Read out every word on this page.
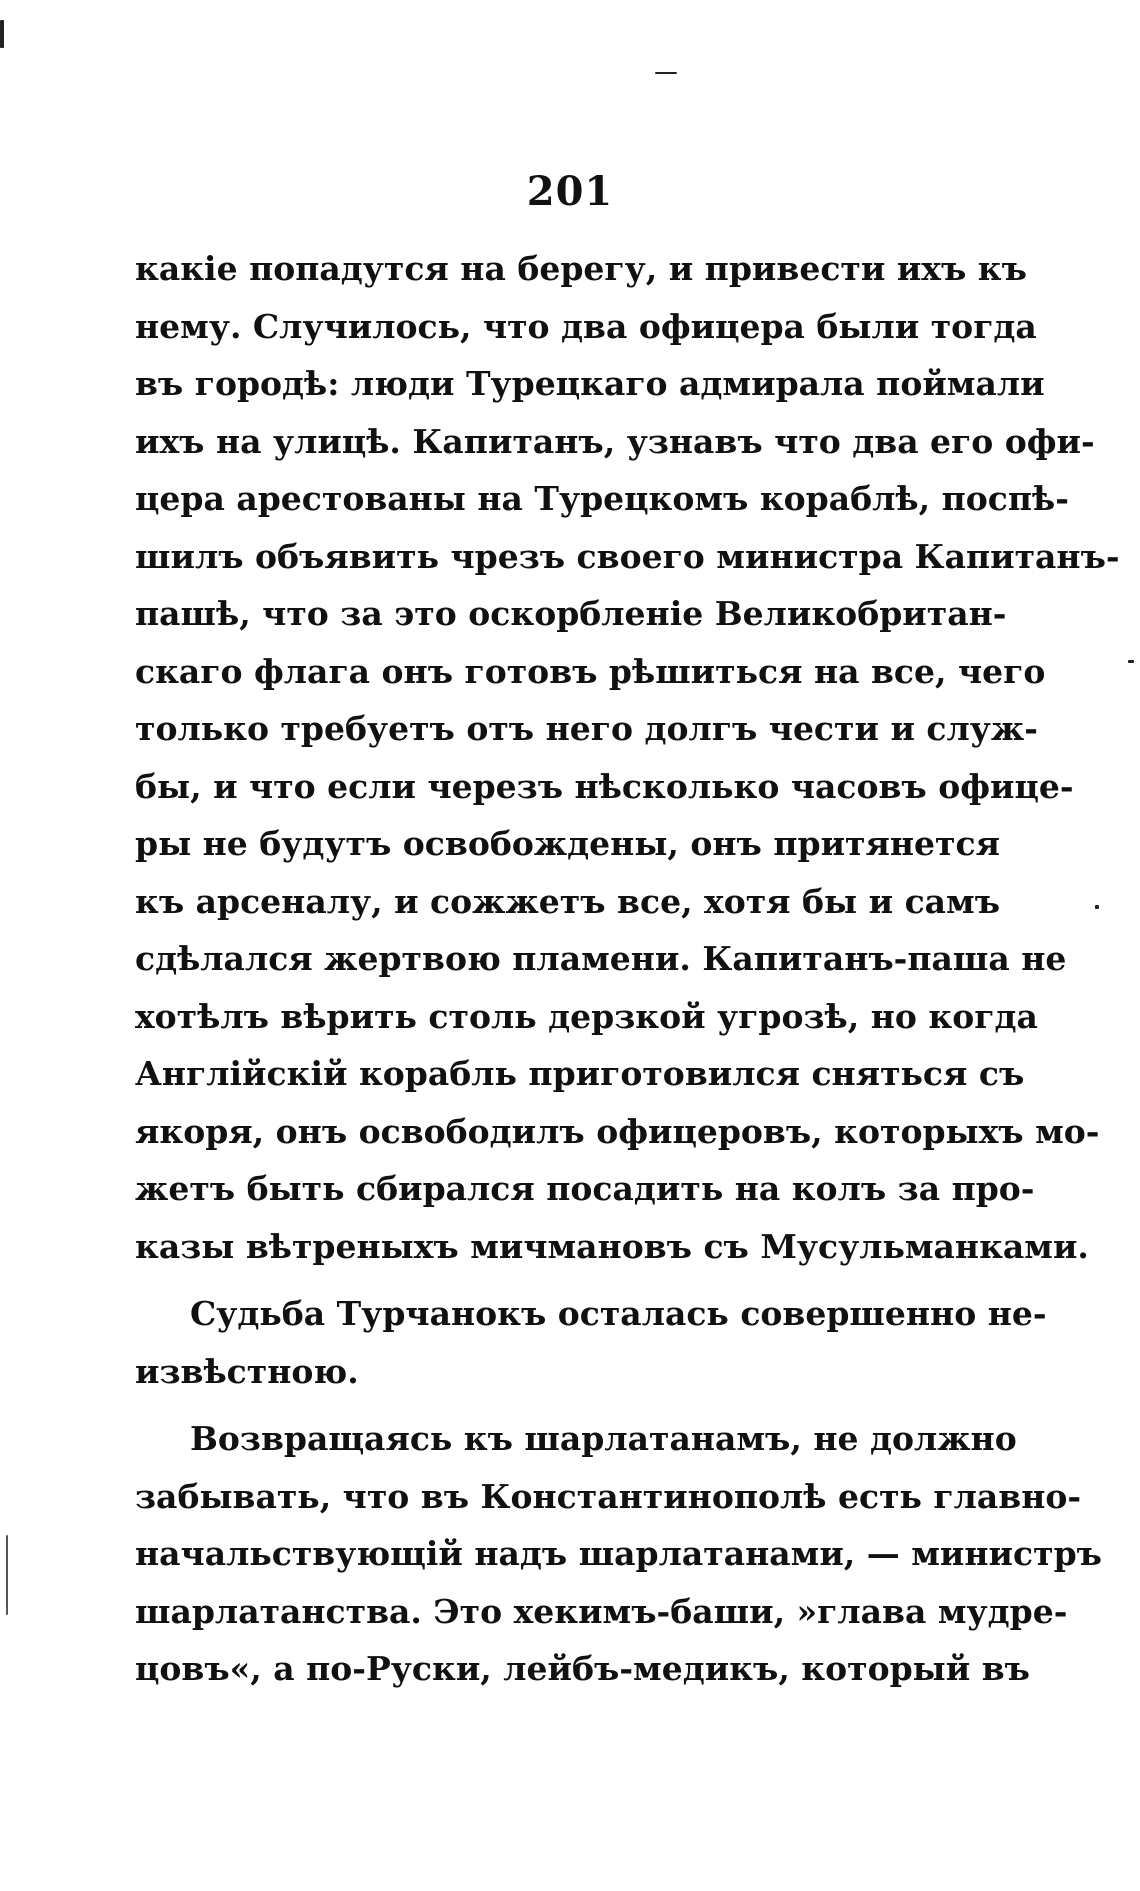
201
какіе попадутся на берегу, и привести ихъ къ
нему. Случилось, что два офицера были тогда
въ городѣ: люди Турецкаго адмирала поймали
ихъ на улицѣ. Капитанъ, узнавъ что два его офи-
цера арестованы на Турецкомъ кораблѣ, поспѣ-
шилъ объявить чрезъ своего министра Капитанъ-
пашѣ, что за это оскорбленіе Великобритан-
скаго флага онъ готовъ рѣшиться на все, чего
только требуетъ отъ него долгъ чести и служ-
бы, и что если черезъ нѣсколько часовъ офице-
ры не будутъ освобождены, онъ притянется
къ арсеналу, и сожжетъ все, хотя бы и самъ
сдѣлался жертвою пламени. Капитанъ-паша не
хотѣлъ вѣрить столь дерзкой угрозѣ, но когда
Англійскій корабль приготовился сняться съ
якоря, онъ освободилъ офицеровъ, которыхъ мо-
жетъ быть сбирался посадить на колъ за про-
казы вѣтреныхъ мичмановъ съ Мусульманками.
Судьба Турчанокъ осталась совершенно не-
извѣстною.
Возвращаясь къ шарлатанамъ, не должно
забывать, что въ Константинополѣ есть главно-
начальствующій надъ шарлатанами, — министръ
шарлатанства. Это хекимъ-баши, »глава мудре-
цовъ«, а по-Руски, лейбъ-медикъ, который въ
